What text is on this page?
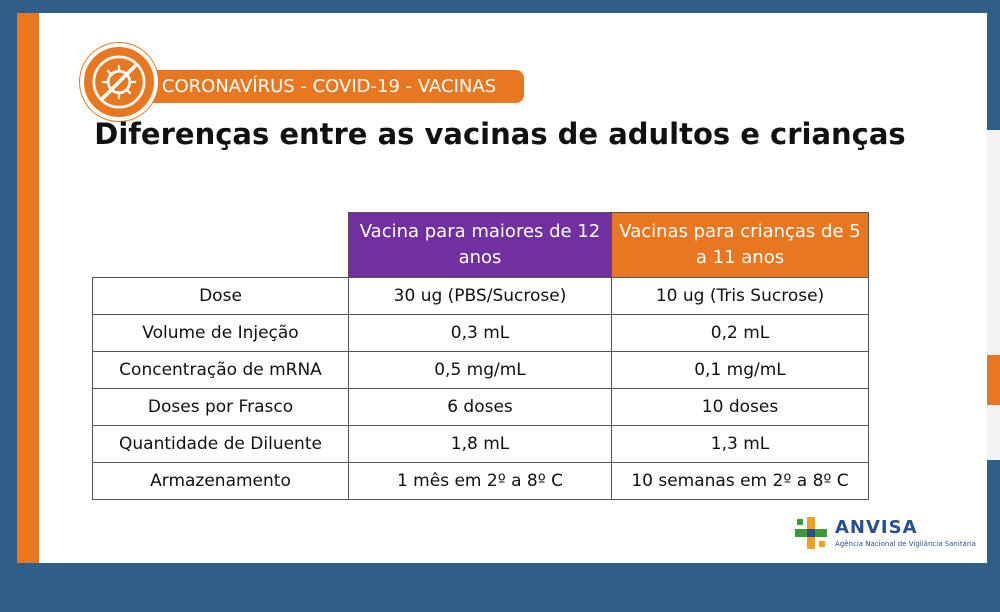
CORONAVÍRUS - COVID-19 - VACINAS
Diferenças entre as vacinas de adultos e crianças
	Vacina para maiores de 12 anos	Vacinas para crianças de 5 a 11 anos
Dose	30 ug (PBS/Sucrose)	10 ug (Tris Sucrose)
Volume de Injeção	0,3 mL	0,2 mL
Concentração de mRNA	0,5 mg/mL	0,1 mg/mL
Doses por Frasco	6 doses	10 doses
Quantidade de Diluente	1,8 mL	1,3 mL
Armazenamento	1 mês em 2º a 8º C	10 semanas em 2º a 8º C
ANVISA
Agência Nacional de Vigilância Sanitária
